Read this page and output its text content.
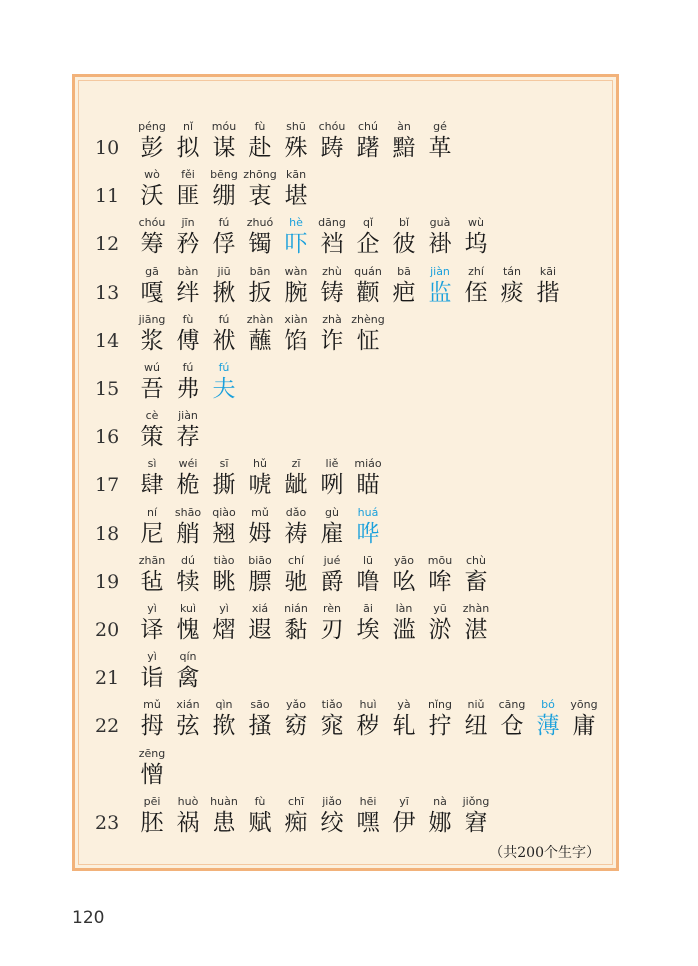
10
péng
彭
nǐ
拟
móu
谋
fù
赴
shū
殊
chóu
踌
chú
躇
àn
黯
gé
革
11
wò
沃
fěi
匪
bēng
绷
zhōng
衷
kān
堪
12
chóu
筹
jīn
矜
fú
俘
zhuó
镯
hè
吓
dāng
裆
qǐ
企
bǐ
彼
guà
褂
wù
坞
13
gā
嘎
bàn
绊
jiū
揪
bān
扳
wàn
腕
zhù
铸
quán
颧
bā
疤
jiàn
监
zhí
侄
tán
痰
kāi
揩
14
jiāng
浆
fù
傅
fú
袱
zhàn
蘸
xiàn
馅
zhà
诈
zhèng
怔
15
wú
吾
fú
弗
fú
夫
16
cè
策
jiàn
荐
17
sì
肆
wéi
桅
sī
撕
hǔ
唬
zī
龇
liě
咧
miáo
瞄
18
ní
尼
shāo
艄
qiào
翘
mǔ
姆
dǎo
祷
gù
雇
huá
哗
19
zhān
毡
dú
犊
tiào
眺
biāo
膘
chí
驰
jué
爵
lū
噜
yāo
吆
mōu
哞
chù
畜
20
yì
译
kuì
愧
yì
熠
xiá
遐
nián
黏
rèn
刃
āi
埃
làn
滥
yū
淤
zhàn
湛
21
yì
诣
qín
禽
22
mǔ
拇
xián
弦
qìn
揿
sāo
搔
yǎo
窈
tiǎo
窕
huì
秽
yà
轧
nǐng
拧
niǔ
纽
cāng
仓
bó
薄
yōng
庸
zēng
憎
23
pēi
胚
huò
祸
huàn
患
fù
赋
chī
痴
jiǎo
绞
hēi
嘿
yī
伊
nà
娜
jiǒng
窘
（共200个生字）
120
